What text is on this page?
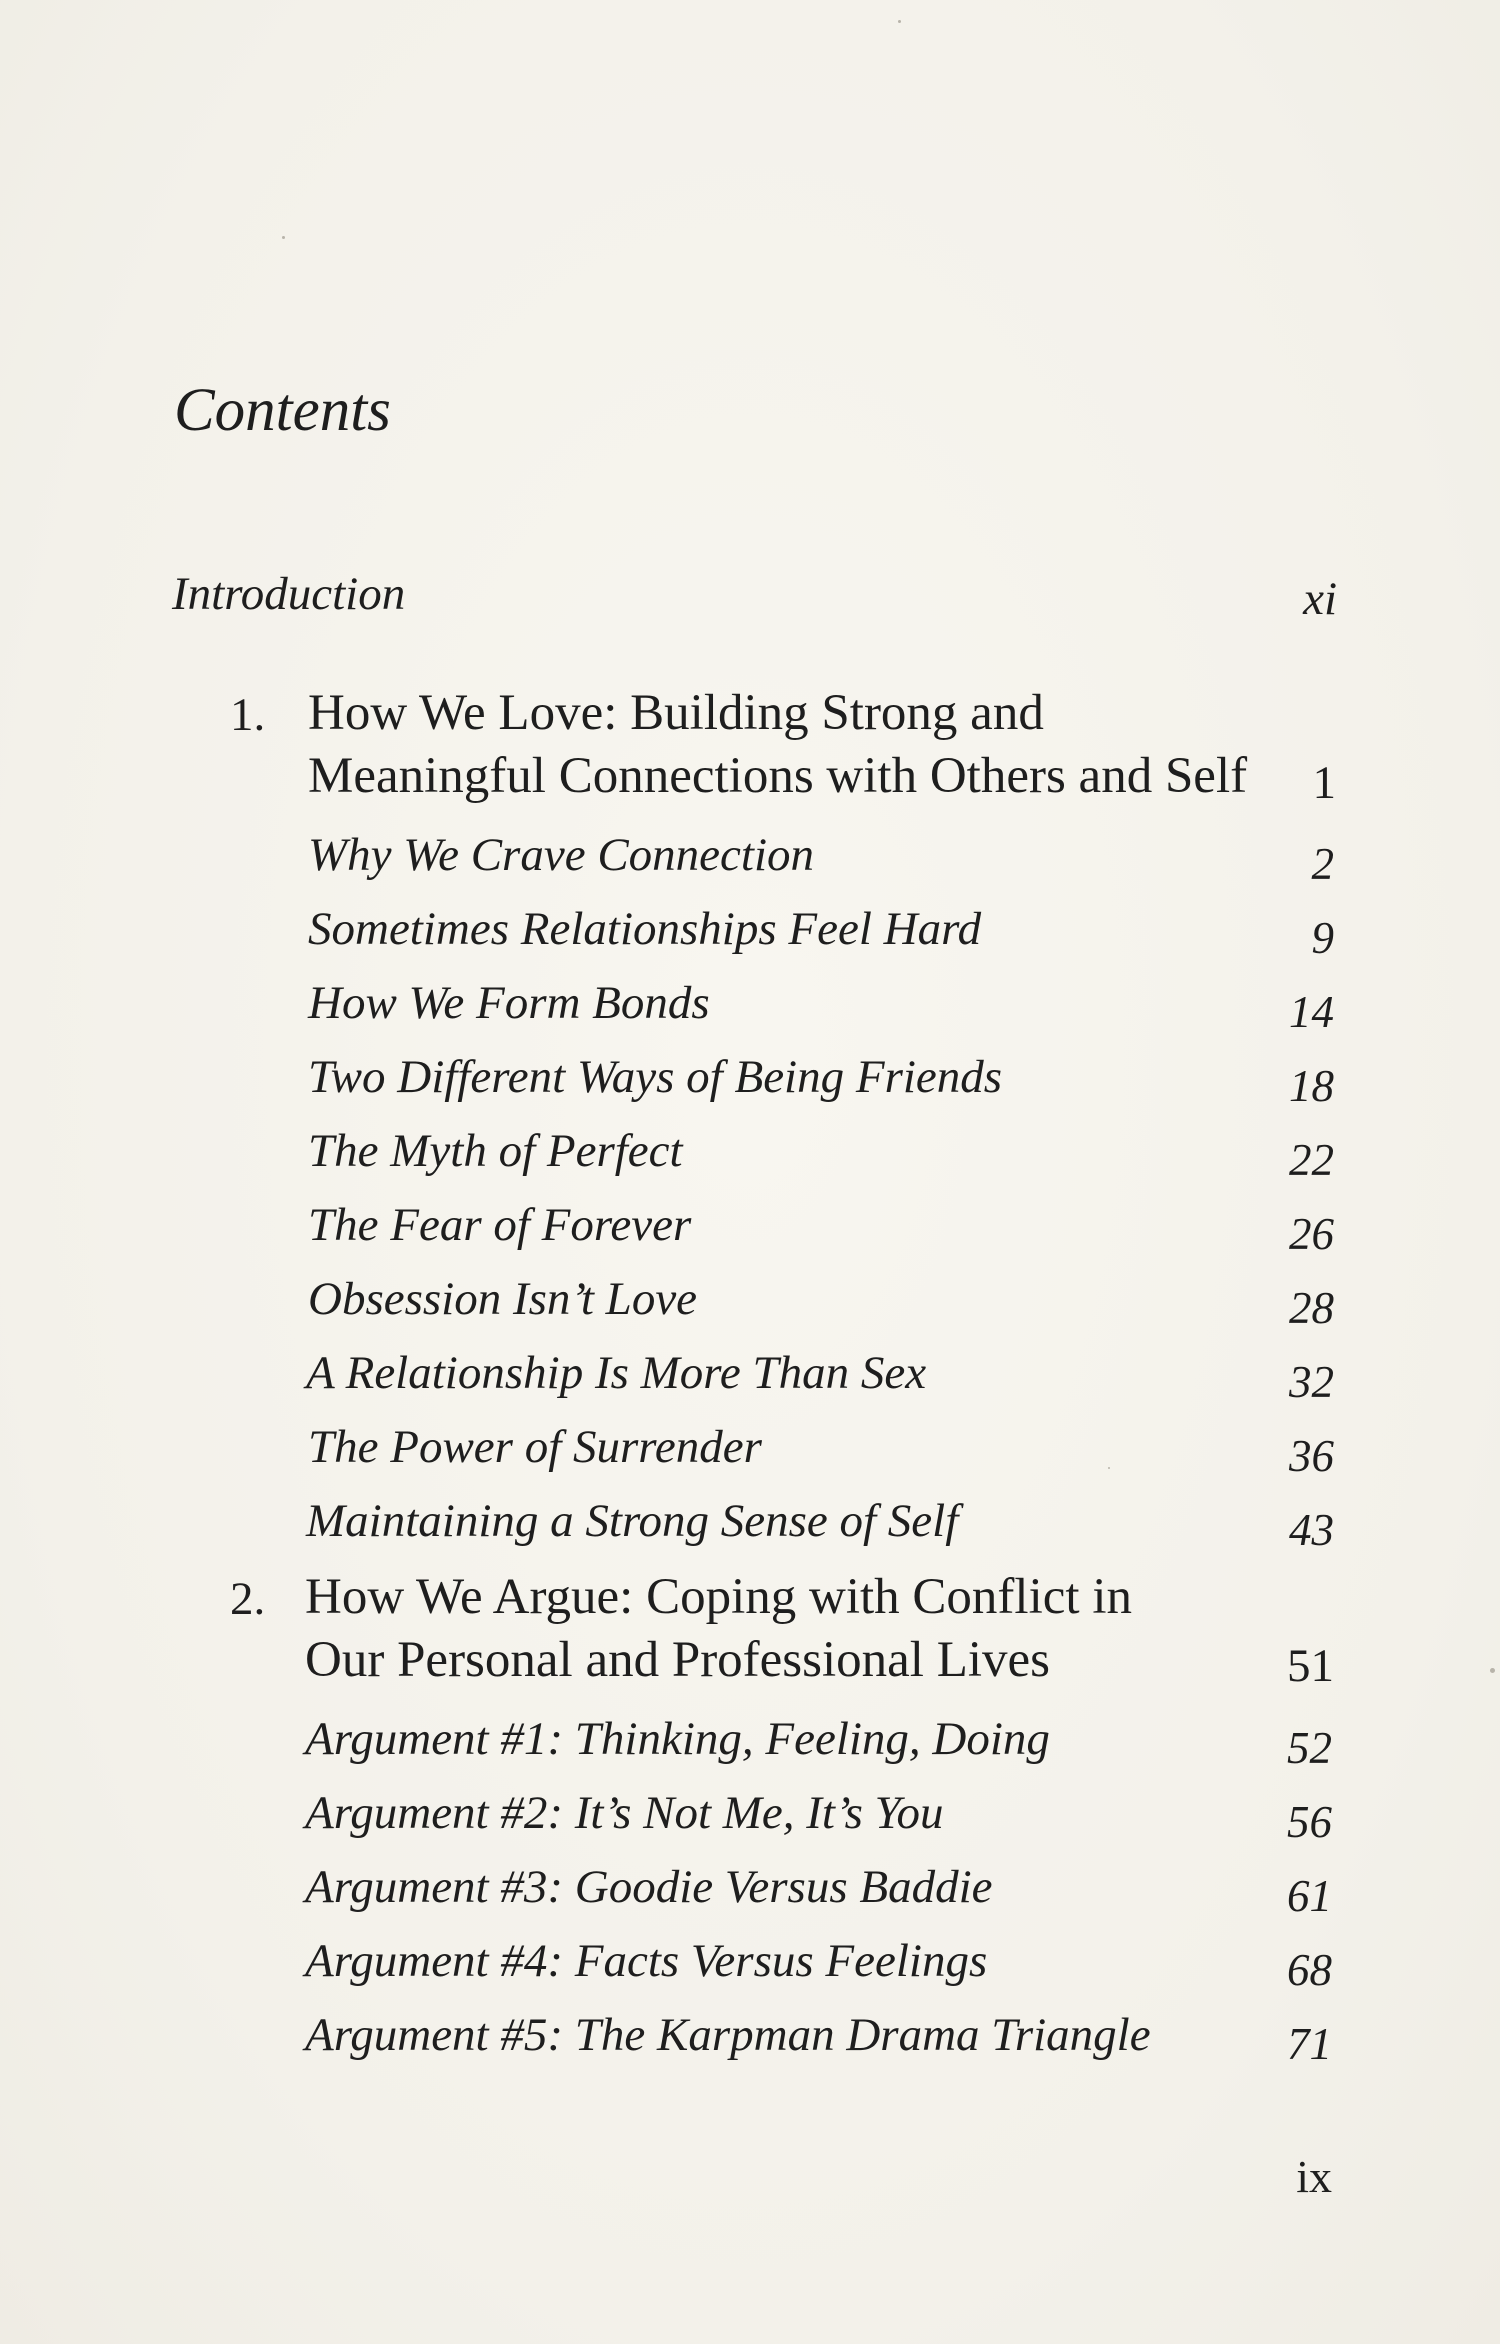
Contents
Introduction	xi
1. How We Love: Building Strong and
Meaningful Connections with Others and Self 1
Why We Crave Connection	2
Sometimes Relationships Feel Hard	9
How We Form Bonds	14
Two Different Ways of Being Friends	18
The Myth of Perfect	22
The Fear of Forever	26
Obsession Isn’t Love	28
A Relationship Is More Than Sex	32
The Power of Surrender	36
Maintaining a Strong Sense of Self	43
2. How We Argue: Coping with Conflict in
Our Personal and Professional Lives	51
Argument #1: Thinking, Feeling, Doing	52
Argument #2: It’s Not Me, It’s You	56
Argument #3: Goodie Versus Baddie	61
Argument #4: Facts Versus Feelings	68
Argument #5: The Karpman Drama Triangle	71
ix
